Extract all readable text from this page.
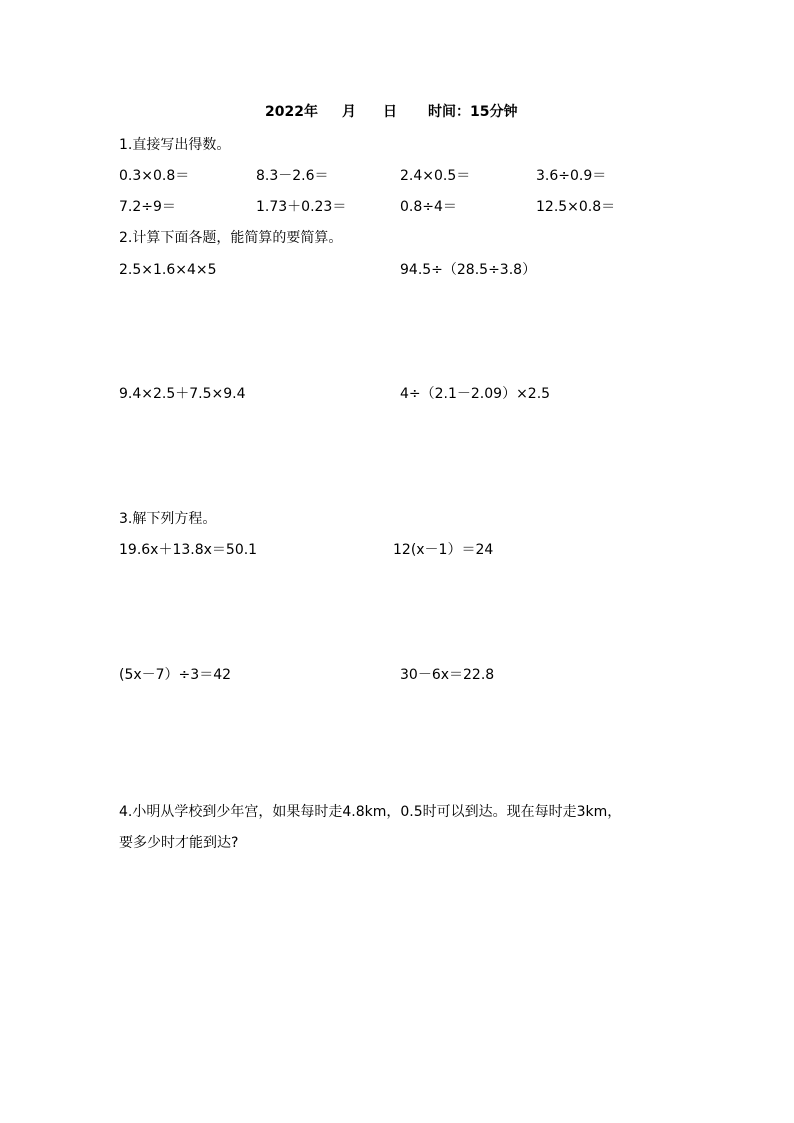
2022年 月 日 时间：15分钟
1.直接写出得数。
0.3×0.8＝	8.3－2.6＝	2.4×0.5＝	3.6÷0.9＝
7.2÷9＝	1.73＋0.23＝	0.8÷4＝	12.5×0.8＝
2.计算下面各题，能简算的要简算。
2.5×1.6×4×5	94.5÷（28.5÷3.8）
9.4×2.5＋7.5×9.4	4÷（2.1－2.09）×2.5
3.解下列方程。
19.6x＋13.8x＝50.1	12(x－1）＝24
(5x－7）÷3＝42	30－6x＝22.8
4.小明从学校到少年宫，如果每时走4.8km，0.5时可以到达。现在每时走3km，
要多少时才能到达?
